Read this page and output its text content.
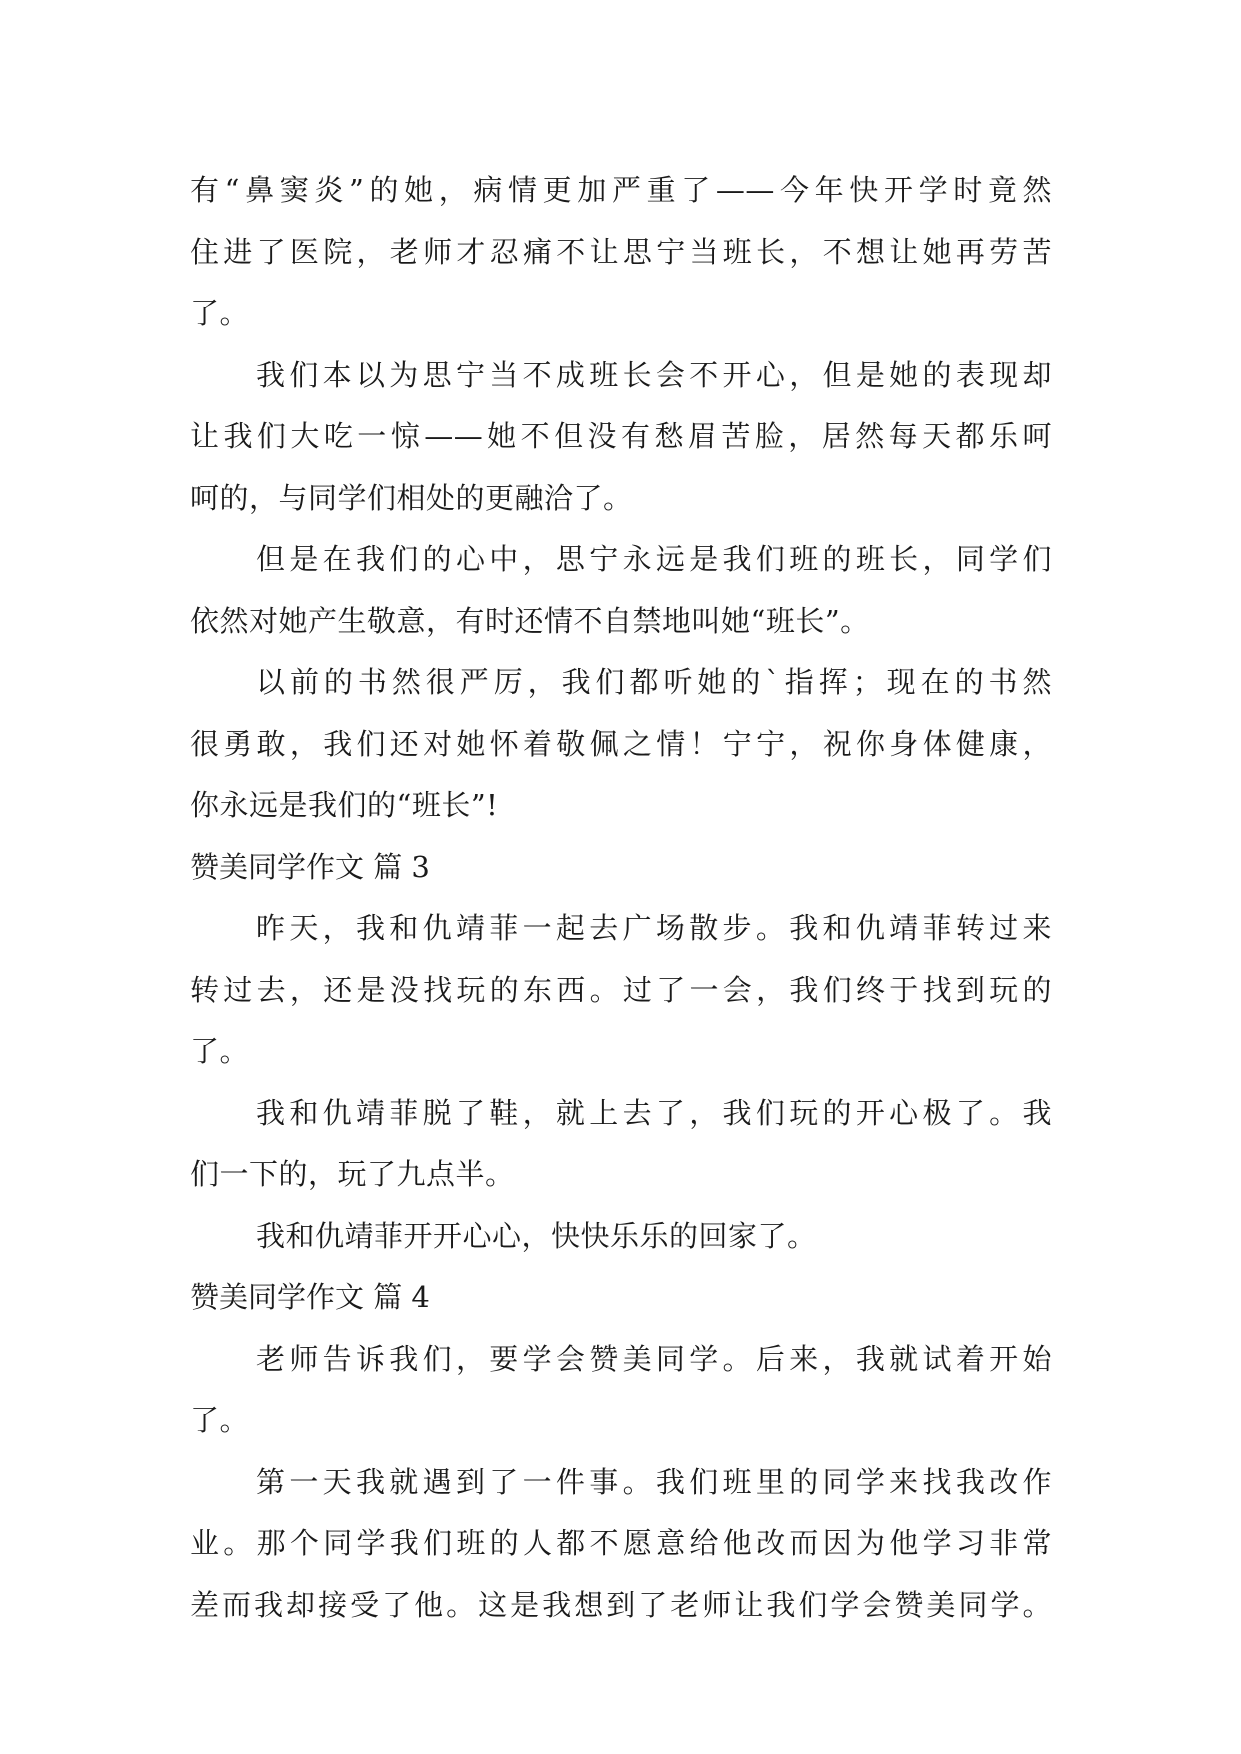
有“鼻窦炎”的她，病情更加严重了——今年快开学时竟然
住进了医院，老师才忍痛不让思宁当班长，不想让她再劳苦
了。
我们本以为思宁当不成班长会不开心，但是她的表现却
让我们大吃一惊——她不但没有愁眉苦脸，居然每天都乐呵
呵的，与同学们相处的更融洽了。
但是在我们的心中，思宁永远是我们班的班长，同学们
依然对她产生敬意，有时还情不自禁地叫她“班长”。
以前的书然很严厉，我们都听她的`指挥；现在的书然
很勇敢，我们还对她怀着敬佩之情！宁宁，祝你身体健康，
你永远是我们的“班长”!
赞美同学作文 篇 3
昨天，我和仇靖菲一起去广场散步。我和仇靖菲转过来
转过去，还是没找玩的东西。过了一会，我们终于找到玩的
了。
我和仇靖菲脱了鞋，就上去了，我们玩的开心极了。我
们一下的，玩了九点半。
我和仇靖菲开开心心，快快乐乐的回家了。
赞美同学作文 篇 4
老师告诉我们，要学会赞美同学。后来，我就试着开始
了。
第一天我就遇到了一件事。我们班里的同学来找我改作
业。那个同学我们班的人都不愿意给他改而因为他学习非常
差而我却接受了他。这是我想到了老师让我们学会赞美同学。
